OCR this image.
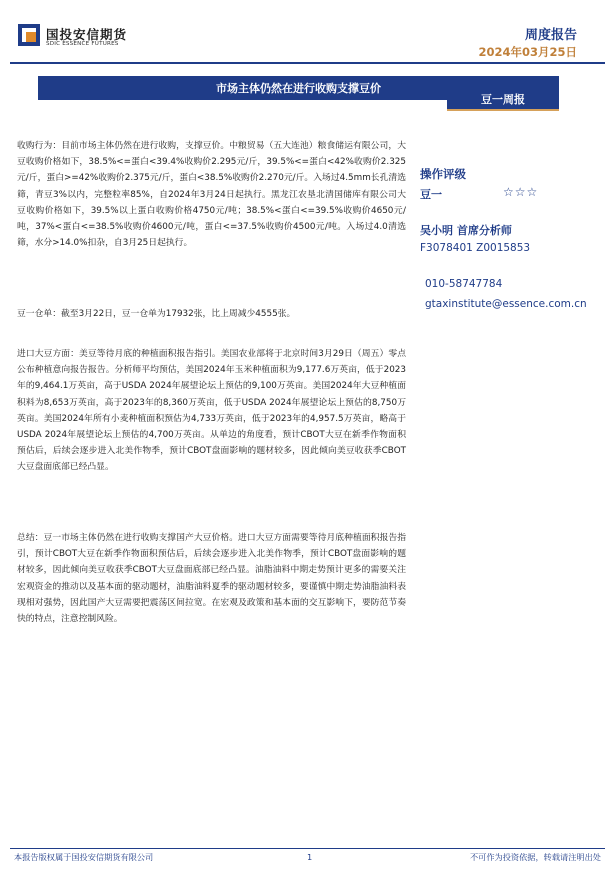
国投安信期货
SDIC ESSENCE FUTURES
周度报告
2024年03月25日
市场主体仍然在进行收购支撑豆价
豆一周报

收购行为：目前市场主体仍然在进行收购，支撑豆价。中粮贸易（五大连池）粮食储运有限公司，大豆收购价格如下，38.5%<=蛋白<39.4%收购价2.295元/斤，39.5%<=蛋白<42%收购价2.325元/斤，蛋白>=42%收购价2.375元/斤，蛋白<38.5%收购价2.270元/斤。入场过4.5mm长孔清选筛，青豆3%以内，完整粒率85%，自2024年3月24日起执行。黑龙江农垦北清国储库有限公司大豆收购价格如下，39.5%以上蛋白收购价格4750元/吨；38.5%<蛋白<=39.5%收购价4650元/吨，37%<蛋白<=38.5%收购价4600元/吨，蛋白<=37.5%收购价4500元/吨。入场过4.0清选筛，水分>14.0%扣杂，自3月25日起执行。

豆一仓单：截至3月22日，豆一仓单为17932张，比上周减少4555张。

进口大豆方面：美豆等待月底的种植面积报告指引。美国农业部将于北京时间3月29日（周五）零点公布种植意向报告报告。分析师平均预估，美国2024年玉米种植面积为9,177.6万英亩，低于2023年的9,464.1万英亩，高于USDA 2024年展望论坛上预估的9,100万英亩。美国2024年大豆种植面积料为8,653万英亩，高于2023年的8,360万英亩，低于USDA 2024年展望论坛上预估的8,750万英亩。美国2024年所有小麦种植面积预估为4,733万英亩，低于2023年的4,957.5万英亩，略高于USDA 2024年展望论坛上预估的4,700万英亩。从单边的角度看，预计CBOT大豆在新季作物面积预估后，后续会逐步进入北美作物季，预计CBOT盘面影响的题材较多，因此倾向美豆收获季CBOT大豆盘面底部已经凸显。

总结：豆一市场主体仍然在进行收购支撑国产大豆价格。进口大豆方面需要等待月底种植面积报告指引，预计CBOT大豆在新季作物面积预估后，后续会逐步进入北美作物季，预计CBOT盘面影响的题材较多，因此倾向美豆收获季CBOT大豆盘面底部已经凸显。油脂油料中期走势预计更多的需要关注宏观资金的推动以及基本面的驱动题材，油脂油料夏季的驱动题材较多，要谨慎中期走势油脂油料表现相对强势，因此国产大豆需要把震荡区间拉宽。在宏观及政策和基本面的交互影响下，要防范节奏快的特点，注意控制风险。

操作评级
豆一	☆☆☆
吴小明 首席分析师
F3078401 Z0015853
010-58747784
gtaxinstitute@essence.com.cn
本报告版权属于国投安信期货有限公司	1	不可作为投资依据，转载请注明出处
